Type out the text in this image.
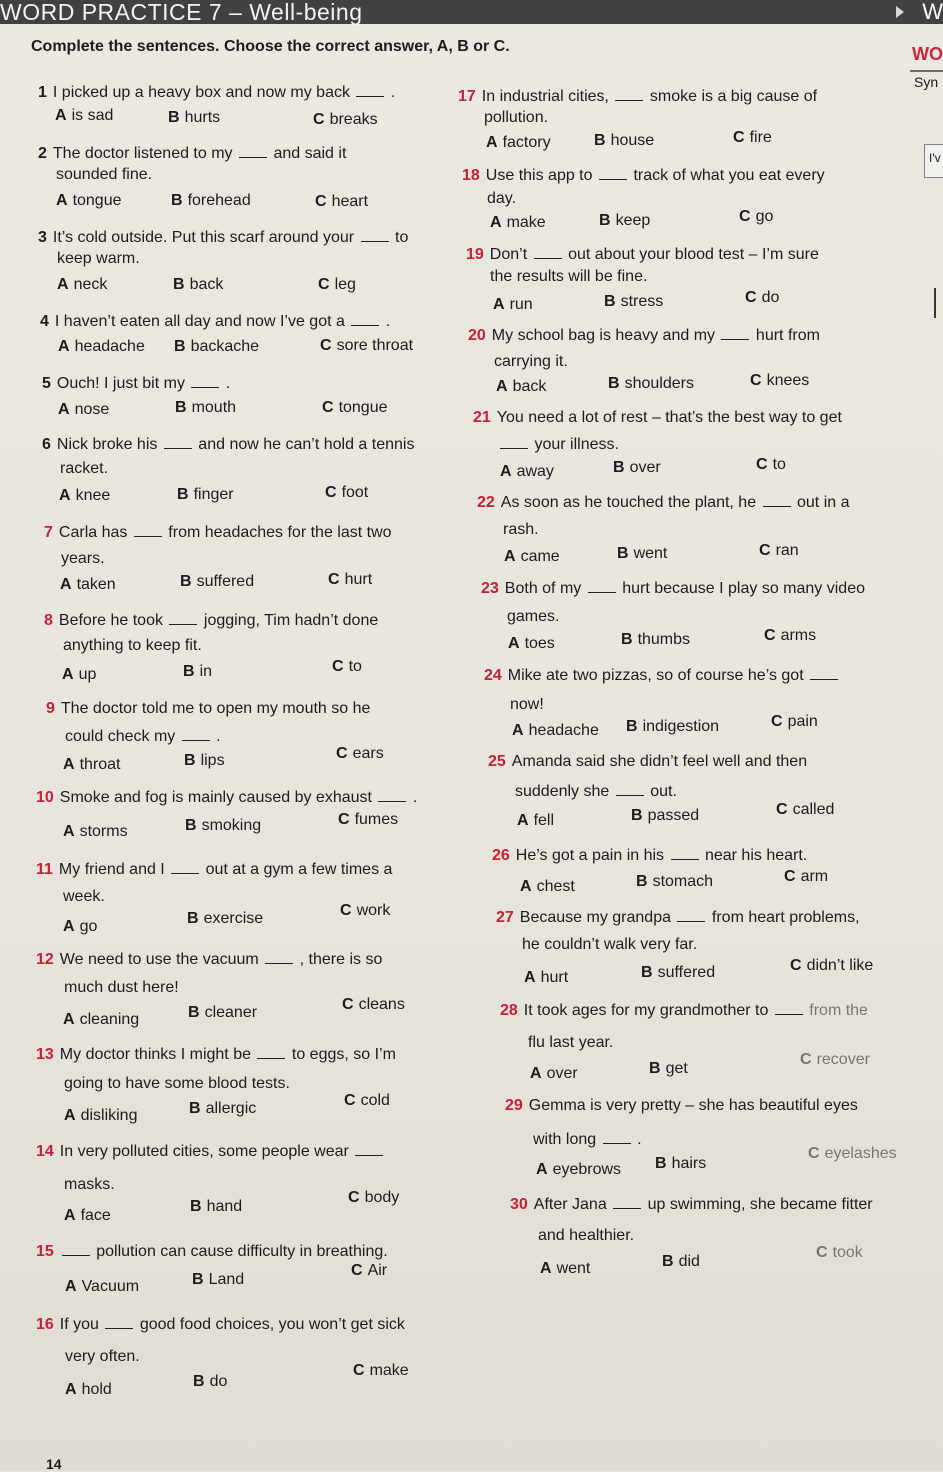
WORD PRACTICE 7 – Well-being	W
Complete the sentences. Choose the correct answer, A, B or C.	WO
Syn
I'v
1 I picked up a heavy box and now my back	.
A is sad	B hurts	C breaks
2 The doctor listened to my	and said it
sounded fine.
A tongue	B forehead	C heart
3 It’s cold outside. Put this scarf around your	to
keep warm.
A neck	B back	C leg
4 I haven’t eaten all day and now I’ve got a	.
A headache B backache	C sore throat
5 Ouch! I just bit my	.
A nose	B mouth	C tongue
6 Nick broke his	and now he can’t hold a tennis
racket.
A knee	B finger	C foot
7 Carla has	from headaches for the last two
years.
A taken	B suffered	C hurt
8 Before he took	jogging, Tim hadn’t done
anything to keep fit.
A up	B in	C to
9 The doctor told me to open my mouth so he
could check my	.
A throat	B lips	C ears
10 Smoke and fog is mainly caused by exhaust	.
A storms	B smoking	C fumes
11 My friend and I	out at a gym a few times a
week.
A go	B exercise	C work
12 We need to use the vacuum	, there is so
much dust here!
A cleaning	B cleaner	C cleans
13 My doctor thinks I might be	to eggs, so I’m
going to have some blood tests.
A disliking	B allergic	C cold
14 In very polluted cities, some people wear
masks.
A face
B hand
C body
15	pollution can cause difficulty in breathing.
A Vacuum	B Land
C Air
16 If you	good food choices, you won’t get sick
very often.
A hold	B do
C make
17 In industrial cities,	smoke is a big cause of
pollution.
A factory	B house	C fire
18 Use this app to	track of what you eat every
day.
A make	B keep	C go
19 Don’t	out about your blood test – I’m sure
the results will be fine.
A run	B stress	C do
20 My school bag is heavy and my	hurt from
carrying it.
A back	B shoulders	C knees
21 You need a lot of rest – that’s the best way to get
your illness.
A away	B over	C to
22 As soon as he touched the plant, he	out in a
rash.
A came	B went	C ran
23 Both of my	hurt because I play so many video
games.
A toes	B thumbs	C arms
24 Mike ate two pizzas, so of course he’s got
now!
A headache B indigestion	C pain
25 Amanda said she didn’t feel well and then
suddenly she	out.
A fell	B passed	C called
26 He’s got a pain in his	near his heart.
A chest	B stomach	C arm
27 Because my grandpa	from heart problems,
he couldn’t walk very far.
A hurt	B suffered	C didn’t like
28 It took ages for my grandmother to	from the
flu last year.
A over	B get
C recover
29 Gemma is very pretty – she has beautiful eyes
with long	.
A eyebrows B hairs
C eyelashes
30 After Jana	up swimming, she became fitter
and healthier.
A went	B did
C took
14
